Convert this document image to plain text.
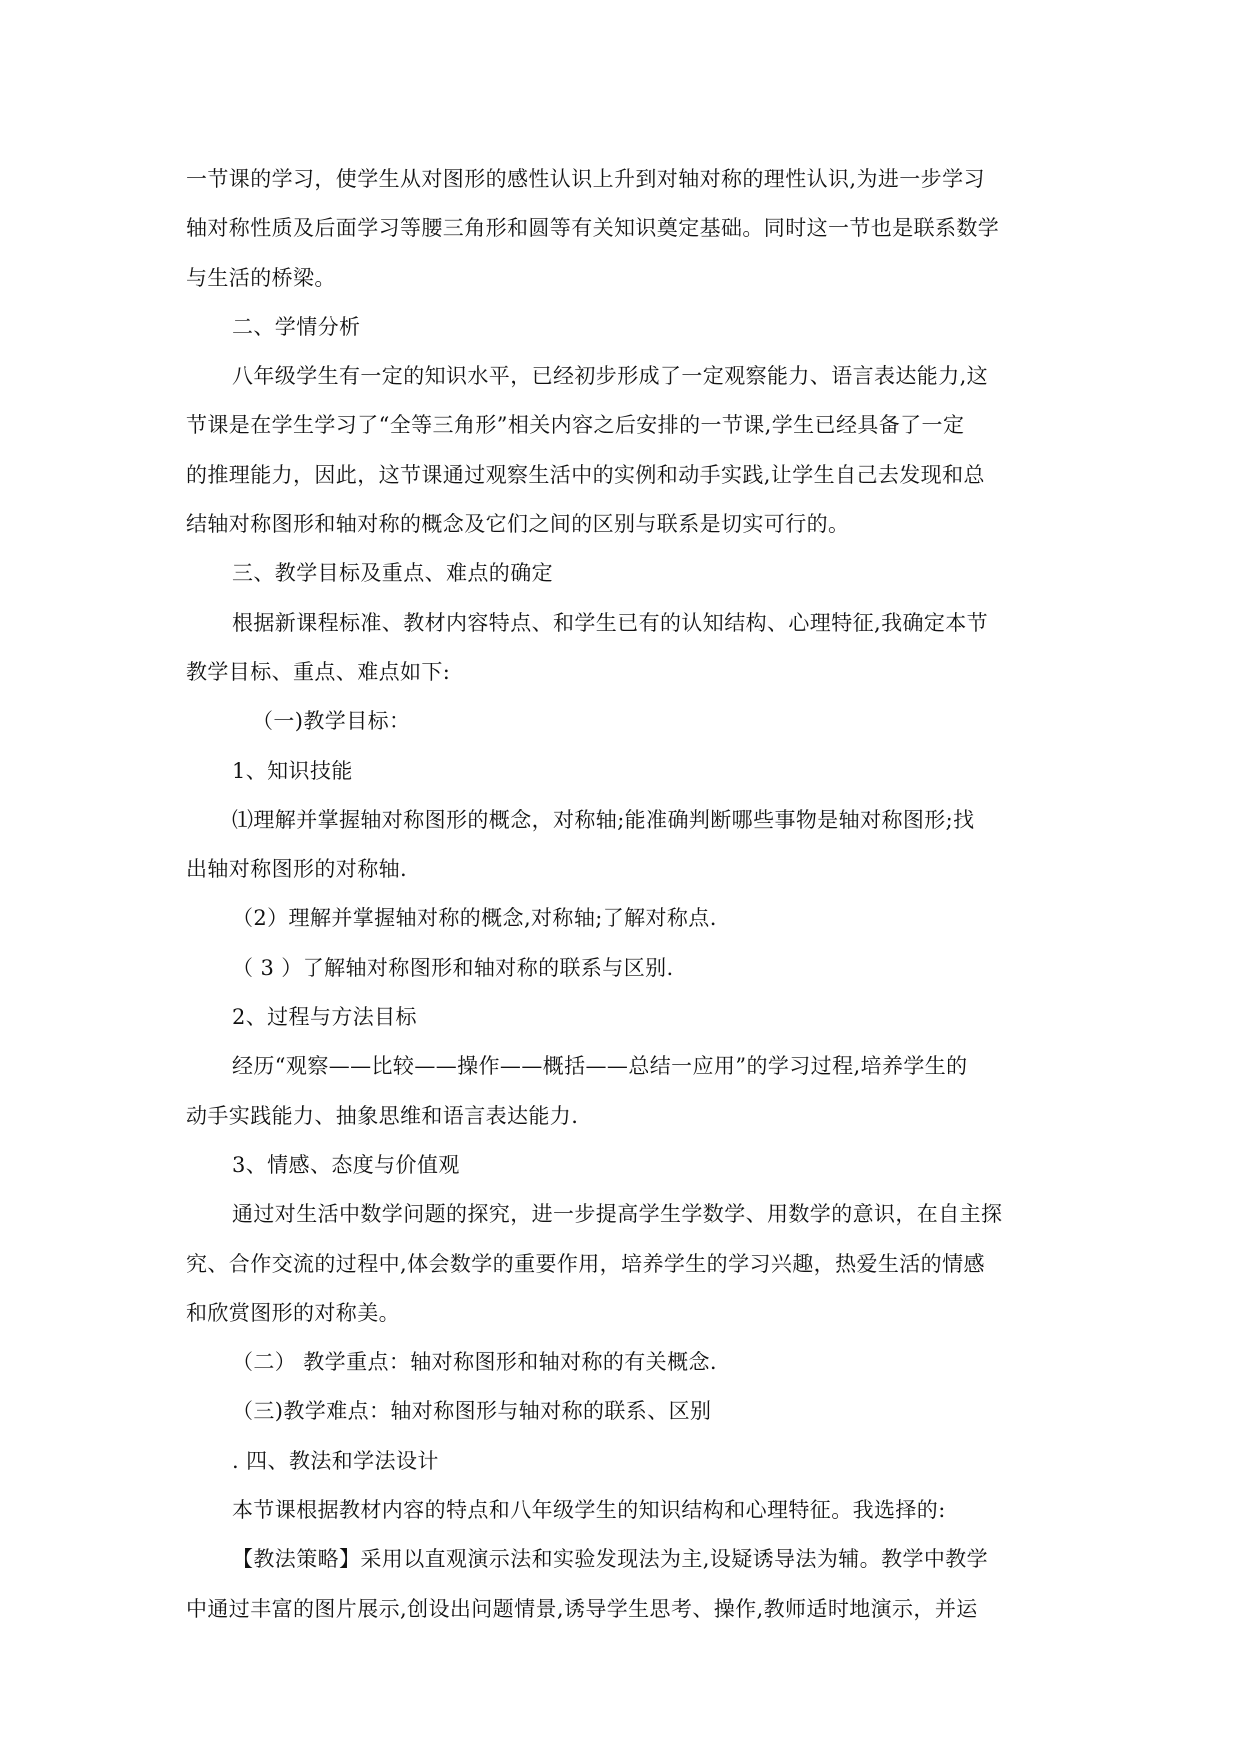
一节课的学习，使学生从对图形的感性认识上升到对轴对称的理性认识,为进一步学习
轴对称性质及后面学习等腰三角形和圆等有关知识奠定基础。同时这一节也是联系数学
与生活的桥梁。
二、学情分析
八年级学生有一定的知识水平，已经初步形成了一定观察能力、语言表达能力,这
节课是在学生学习了“全等三角形”相关内容之后安排的一节课,学生已经具备了一定
的推理能力，因此，这节课通过观察生活中的实例和动手实践,让学生自己去发现和总
结轴对称图形和轴对称的概念及它们之间的区别与联系是切实可行的。
三、教学目标及重点、难点的确定
根据新课程标准、教材内容特点、和学生已有的认知结构、心理特征,我确定本节
教学目标、重点、难点如下:
（一)教学目标：
1、知识技能
⑴理解并掌握轴对称图形的概念，对称轴;能准确判断哪些事物是轴对称图形;找
出轴对称图形的对称轴.
（2）理解并掌握轴对称的概念,对称轴;了解对称点.
（ 3 ）了解轴对称图形和轴对称的联系与区别.
2、过程与方法目标
经历“观察——比较——操作——概括——总结一应用”的学习过程,培养学生的
动手实践能力、抽象思维和语言表达能力.
3、情感、态度与价值观
通过对生活中数学问题的探究，进一步提高学生学数学、用数学的意识，在自主探
究、合作交流的过程中,体会数学的重要作用，培养学生的学习兴趣，热爱生活的情感
和欣赏图形的对称美。
（二） 教学重点：轴对称图形和轴对称的有关概念.
（三)教学难点：轴对称图形与轴对称的联系、区别
. 四、教法和学法设计
本节课根据教材内容的特点和八年级学生的知识结构和心理特征。我选择的:
【教法策略】采用以直观演示法和实验发现法为主,设疑诱导法为辅。教学中教学
中通过丰富的图片展示,创设出问题情景,诱导学生思考、操作,教师适时地演示，并运
